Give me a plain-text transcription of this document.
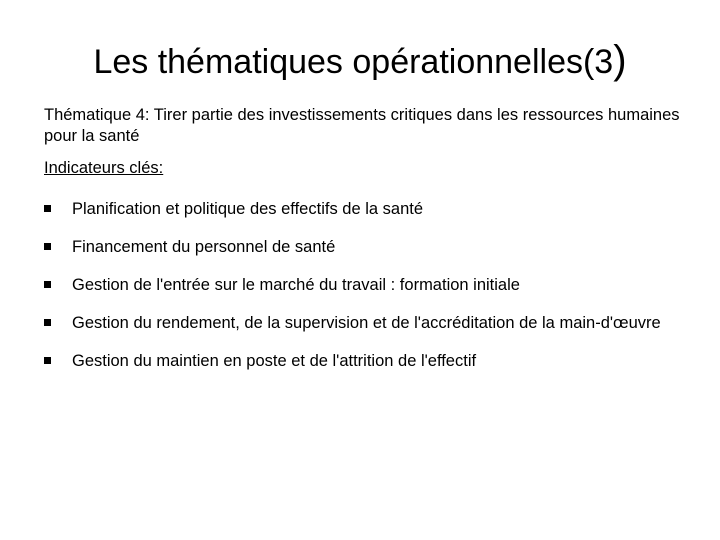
Les thématiques opérationnelles(3)
Thématique 4: Tirer partie des investissements critiques dans les ressources humaines pour la santé
Indicateurs clés:
Planification et politique des effectifs de la santé
Financement du personnel de santé
Gestion de l'entrée sur le marché du travail : formation initiale
Gestion du rendement, de la supervision et de l'accréditation de la main-d'œuvre
Gestion du maintien en poste et de l'attrition de l'effectif
